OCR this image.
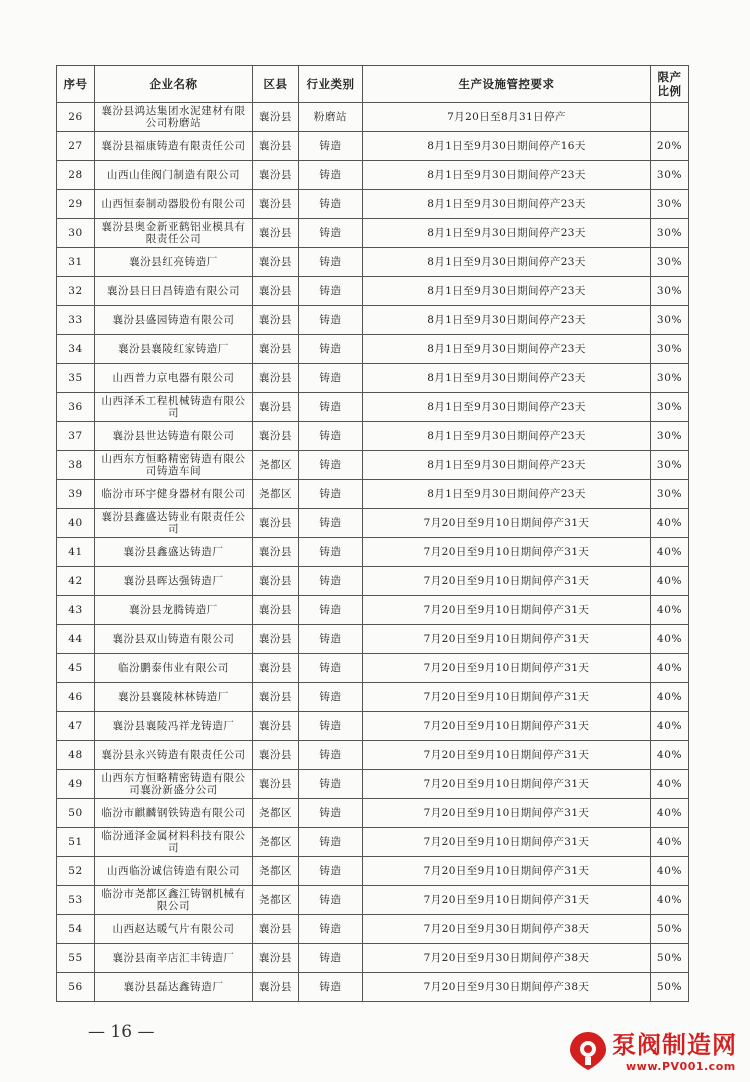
序号	企业名称	区县	行业类别	生产设施管控要求	限产
比例
26	襄汾县鸿达集团水泥建材有限公司粉磨站	襄汾县	粉磨站	7月20日至8月31日停产	
27	襄汾县福康铸造有限责任公司	襄汾县	铸造	8月1日至9月30日期间停产16天	20%
28	山西山佳阀门制造有限公司	襄汾县	铸造	8月1日至9月30日期间停产23天	30%
29	山西恒泰制动器股份有限公司	襄汾县	铸造	8月1日至9月30日期间停产23天	30%
30	襄汾县奥金新亚鹤铝业模具有限责任公司	襄汾县	铸造	8月1日至9月30日期间停产23天	30%
31	襄汾县红亮铸造厂	襄汾县	铸造	8月1日至9月30日期间停产23天	30%
32	襄汾县日日昌铸造有限公司	襄汾县	铸造	8月1日至9月30日期间停产23天	30%
33	襄汾县盛园铸造有限公司	襄汾县	铸造	8月1日至9月30日期间停产23天	30%
34	襄汾县襄陵红家铸造厂	襄汾县	铸造	8月1日至9月30日期间停产23天	30%
35	山西普力京电器有限公司	襄汾县	铸造	8月1日至9月30日期间停产23天	30%
36	山西泽禾工程机械铸造有限公司	襄汾县	铸造	8月1日至9月30日期间停产23天	30%
37	襄汾县世达铸造有限公司	襄汾县	铸造	8月1日至9月30日期间停产23天	30%
38	山西东方恒略精密铸造有限公司铸造车间	尧都区	铸造	8月1日至9月30日期间停产23天	30%
39	临汾市环宇健身器材有限公司	尧都区	铸造	8月1日至9月30日期间停产23天	30%
40	襄汾县鑫盛达铸业有限责任公司	襄汾县	铸造	7月20日至9月10日期间停产31天	40%
41	襄汾县鑫盛达铸造厂	襄汾县	铸造	7月20日至9月10日期间停产31天	40%
42	襄汾县晖达强铸造厂	襄汾县	铸造	7月20日至9月10日期间停产31天	40%
43	襄汾县龙腾铸造厂	襄汾县	铸造	7月20日至9月10日期间停产31天	40%
44	襄汾县双山铸造有限公司	襄汾县	铸造	7月20日至9月10日期间停产31天	40%
45	临汾鹏泰伟业有限公司	襄汾县	铸造	7月20日至9月10日期间停产31天	40%
46	襄汾县襄陵林林铸造厂	襄汾县	铸造	7月20日至9月10日期间停产31天	40%
47	襄汾县襄陵冯祥龙铸造厂	襄汾县	铸造	7月20日至9月10日期间停产31天	40%
48	襄汾县永兴铸造有限责任公司	襄汾县	铸造	7月20日至9月10日期间停产31天	40%
49	山西东方恒略精密铸造有限公司襄汾新盛分公司	襄汾县	铸造	7月20日至9月10日期间停产31天	40%
50	临汾市麒麟钢铁铸造有限公司	尧都区	铸造	7月20日至9月10日期间停产31天	40%
51	临汾通泽金属材料科技有限公司	尧都区	铸造	7月20日至9月10日期间停产31天	40%
52	山西临汾诚信铸造有限公司	尧都区	铸造	7月20日至9月10日期间停产31天	40%
53	临汾市尧都区鑫江铸钢机械有限公司	尧都区	铸造	7月20日至9月10日期间停产31天	40%
54	山西赵达暖气片有限公司	襄汾县	铸造	7月20日至9月30日期间停产38天	50%
55	襄汾县南辛店汇丰铸造厂	襄汾县	铸造	7月20日至9月30日期间停产38天	50%
56	襄汾县磊达鑫铸造厂	襄汾县	铸造	7月20日至9月30日期间停产38天	50%
— 16 —	泵阀制造网
www.PV001.com
